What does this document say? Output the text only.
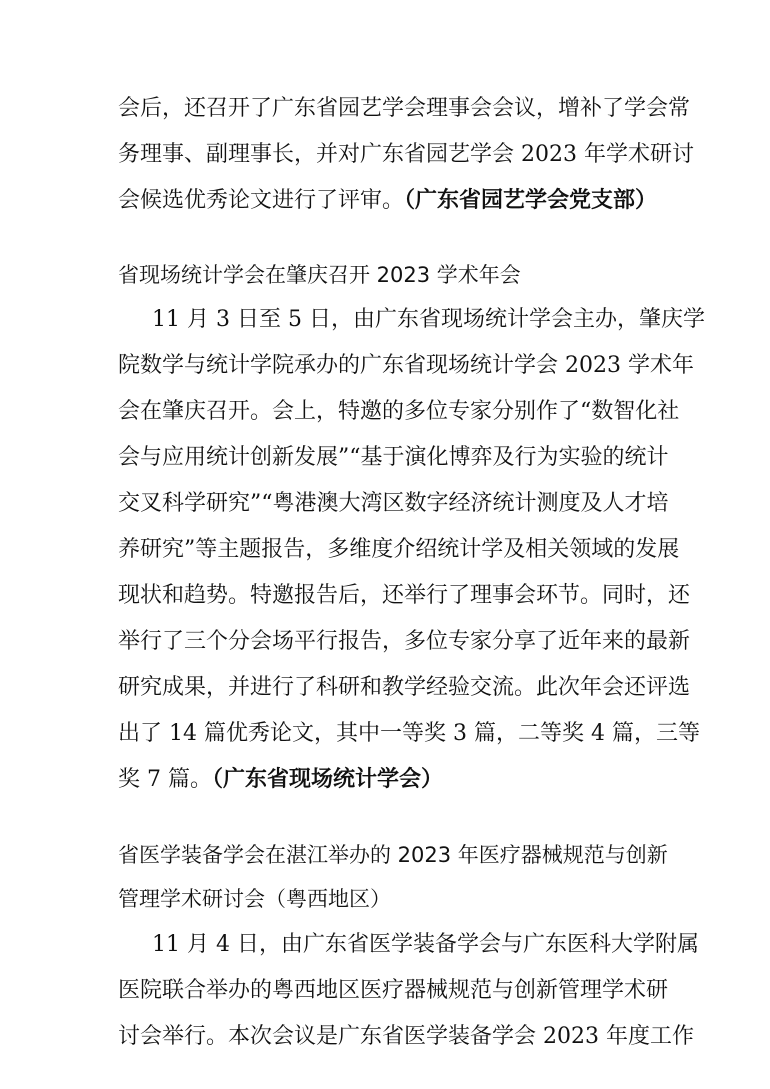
会后，还召开了广东省园艺学会理事会会议，增补了学会常
务理事、副理事长，并对广东省园艺学会 2023 年学术研讨
会候选优秀论文进行了评审。（广东省园艺学会党支部）
省现场统计学会在肇庆召开 2023 学术年会
11 月 3 日至 5 日，由广东省现场统计学会主办，肇庆学
院数学与统计学院承办的广东省现场统计学会 2023 学术年
会在肇庆召开。会上，特邀的多位专家分别作了“数智化社
会与应用统计创新发展”“基于演化博弈及行为实验的统计
交叉科学研究”“粤港澳大湾区数字经济统计测度及人才培
养研究”等主题报告，多维度介绍统计学及相关领域的发展
现状和趋势。特邀报告后，还举行了理事会环节。同时，还
举行了三个分会场平行报告，多位专家分享了近年来的最新
研究成果，并进行了科研和教学经验交流。此次年会还评选
出了 14 篇优秀论文，其中一等奖 3 篇，二等奖 4 篇，三等
奖 7 篇。（广东省现场统计学会）
省医学装备学会在湛江举办的 2023 年医疗器械规范与创新
管理学术研讨会（粤西地区）
11 月 4 日，由广东省医学装备学会与广东医科大学附属
医院联合举办的粤西地区医疗器械规范与创新管理学术研
讨会举行。本次会议是广东省医学装备学会 2023 年度工作
